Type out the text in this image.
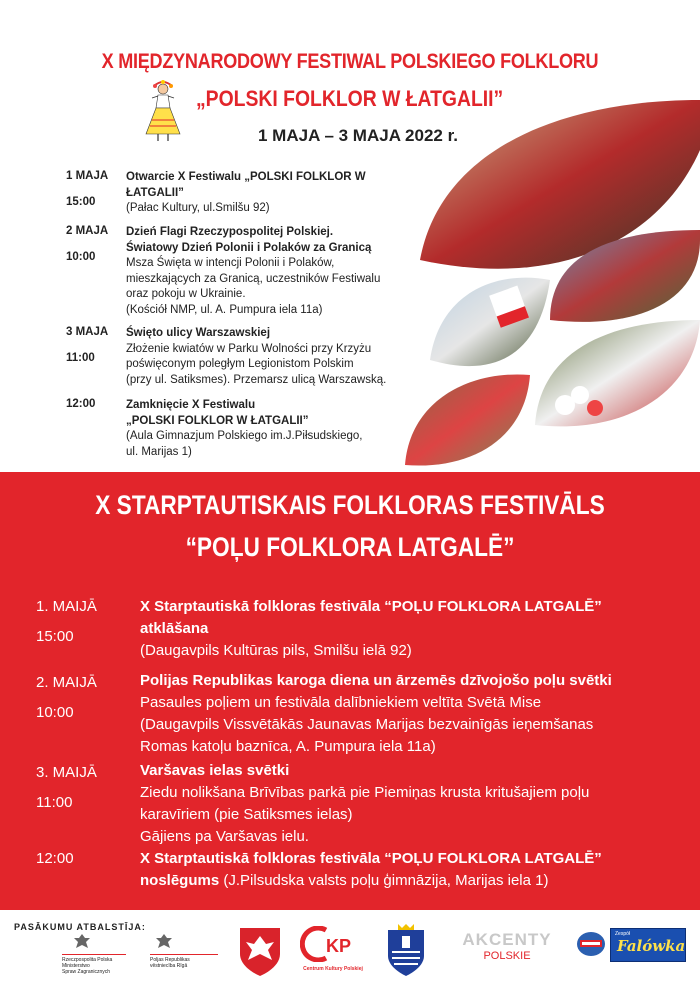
X MIĘDZYNARODOWY FESTIWAL POLSKIEGO FOLKLORU
„POLSKI FOLKLOR W ŁATGALII”
1 MAJA – 3 MAJA 2022 r.
1 MAJA
15:00
Otwarcie X Festiwalu „POLSKI FOLKLOR W ŁATGALII”
(Pałac Kultury, ul.Smilšu 92)
2 MAJA
10:00
Dzień Flagi Rzeczypospolitej Polskiej.
Światowy Dzień Polonii i Polaków za Granicą
Msza Święta w intencji Polonii i Polaków,
mieszkających za Granicą, uczestników Festiwalu
oraz pokoju w Ukrainie.
(Kościół NMP, ul. A. Pumpura iela 11a)
3 MAJA
11:00
Święto ulicy Warszawskiej
Złożenie kwiatów w Parku Wolności przy Krzyżu
poświęconym poległym Legionistom Polskim
(przy ul. Satiksmes). Przemarsz ulicą Warszawską.
12:00	Zamknięcie X Festiwalu
„POLSKI FOLKLOR W ŁATGALII”
(Aula Gimnazjum Polskiego im.J.Piłsudskiego,
ul. Marijas 1)
X STARPTAUTISKAIS FOLKLORAS FESTIVĀLS
“POĻU FOLKLORA LATGALĒ”
1. MAIJĀ
15:00
X Starptautiskā folkloras festivāla “POĻU FOLKLORA LATGALĒ”
atklāšana
(Daugavpils Kultūras pils, Smilšu ielā 92)
2. MAIJĀ
10:00
Polijas Republikas karoga diena un ārzemēs dzīvojošo poļu svētki
Pasaules poļiem un festivāla dalībniekiem veltīta Svētā Mise
(Daugavpils Vissvētākās Jaunavas Marijas bezvainīgās ieņemšanas
Romas katoļu baznīca, A. Pumpura iela 11a)
3. MAIJĀ
11:00
Varšavas ielas svētki
Ziedu nolikšana Brīvības parkā pie Piemiņas krusta kritušajiem poļu
karavīriem (pie Satiksmes ielas)
Gājiens pa Varšavas ielu.
12:00	X Starptautiskā folkloras festivāla “POĻU FOLKLORA LATGALĒ”
noslēgums (J.Pilsudska valsts poļu ģimnāzija, Marijas iela 1)
PASĀKUMU ATBALSTĪJA:
Rzeczpospolita Polska
Ministerstwo
Spraw Zagranicznych
Poljas Republikas
vēstniecība Rīgā
KP
Centrum Kultury Polskiej
AKCENTY
POLSKIE
Zespół
Falówka
